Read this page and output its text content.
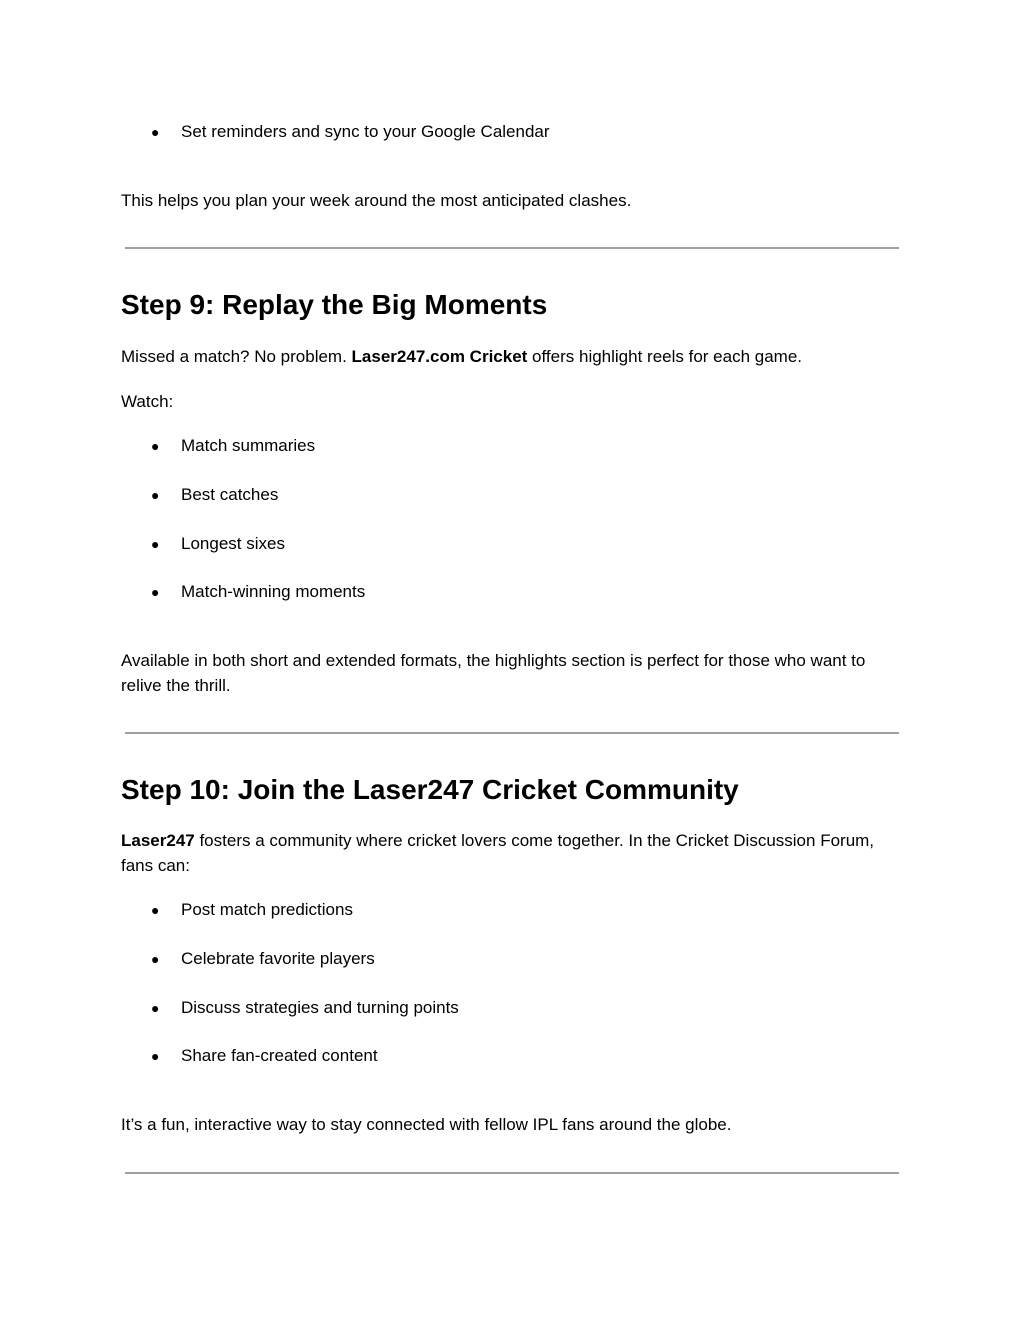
● Set reminders and sync to your Google Calendar
This helps you plan your week around the most anticipated clashes.
Step 9: Replay the Big Moments
Missed a match? No problem. Laser247.com Cricket offers highlight reels for each game.
Watch:
● Match summaries
● Best catches
● Longest sixes
● Match-winning moments
Available in both short and extended formats, the highlights section is perfect for those who want to relive the thrill.
Step 10: Join the Laser247 Cricket Community
Laser247 fosters a community where cricket lovers come together. In the Cricket Discussion Forum, fans can:
● Post match predictions
● Celebrate favorite players
● Discuss strategies and turning points
● Share fan-created content
It’s a fun, interactive way to stay connected with fellow IPL fans around the globe.
